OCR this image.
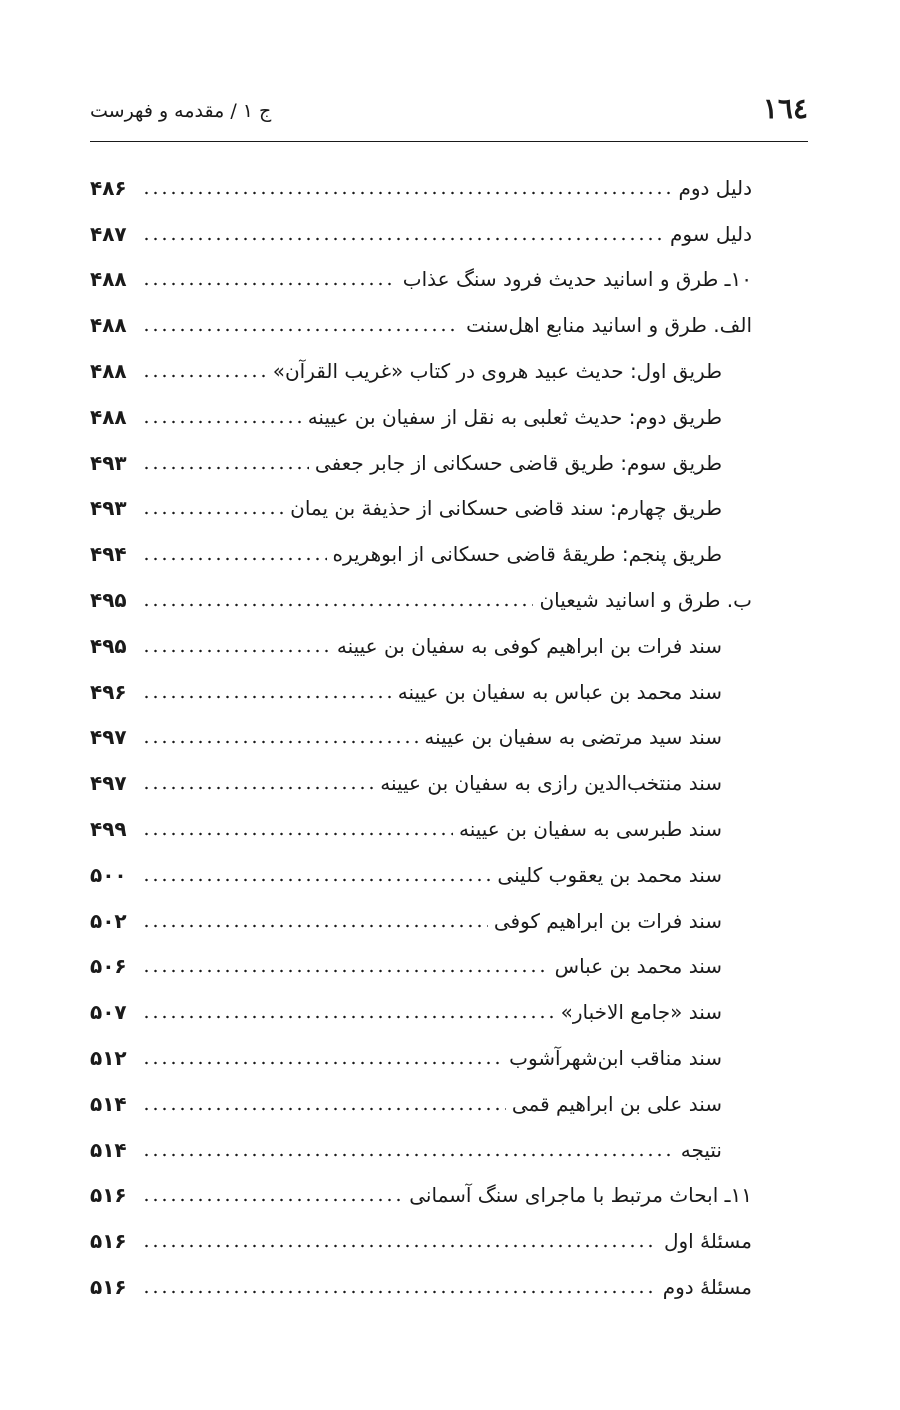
١٦٤
ج ۱ / مقدمه و فهرست
دلیل دوم
۴۸۶
دلیل سوم
۴۸۷
۱۰ـ طرق و اسانید حدیث فرود سنگ عذاب
۴۸۸
الف. طرق و اسانید منابع اهل‌سنت
۴۸۸
طریق اول: حدیث عبید هروی در کتاب «غریب القرآن»
۴۸۸
طریق دوم: حدیث ثعلبی به نقل از سفیان بن عیینه
۴۸۸
طریق سوم: طریق قاضی حسکانی از جابر جعفی
۴۹۳
طریق چهارم: سند قاضی حسکانی از حذیفة بن یمان
۴۹۳
طریق پنجم: طریقهٔ قاضی حسکانی از ابوهریره
۴۹۴
ب. طرق و اسانید شیعیان
۴۹۵
سند فرات بن ابراهیم کوفی به سفیان بن عیینه
۴۹۵
سند محمد بن عباس به سفیان بن عیینه
۴۹۶
سند سید مرتضی به سفیان بن عیینه
۴۹۷
سند منتخب‌الدین رازی به سفیان بن عیینه
۴۹۷
سند طبرسی به سفیان بن عیینه
۴۹۹
سند محمد بن یعقوب کلینی
۵۰۰
سند فرات بن ابراهیم کوفی
۵۰۲
سند محمد بن عباس
۵۰۶
سند «جامع الاخبار»
۵۰۷
سند مناقب ابن‌شهرآشوب
۵۱۲
سند علی بن ابراهیم قمی
۵۱۴
نتیجه
۵۱۴
۱۱ـ ابحاث مرتبط با ماجرای سنگ آسمانی
۵۱۶
مسئلهٔ اول
۵۱۶
مسئلهٔ دوم
۵۱۶
